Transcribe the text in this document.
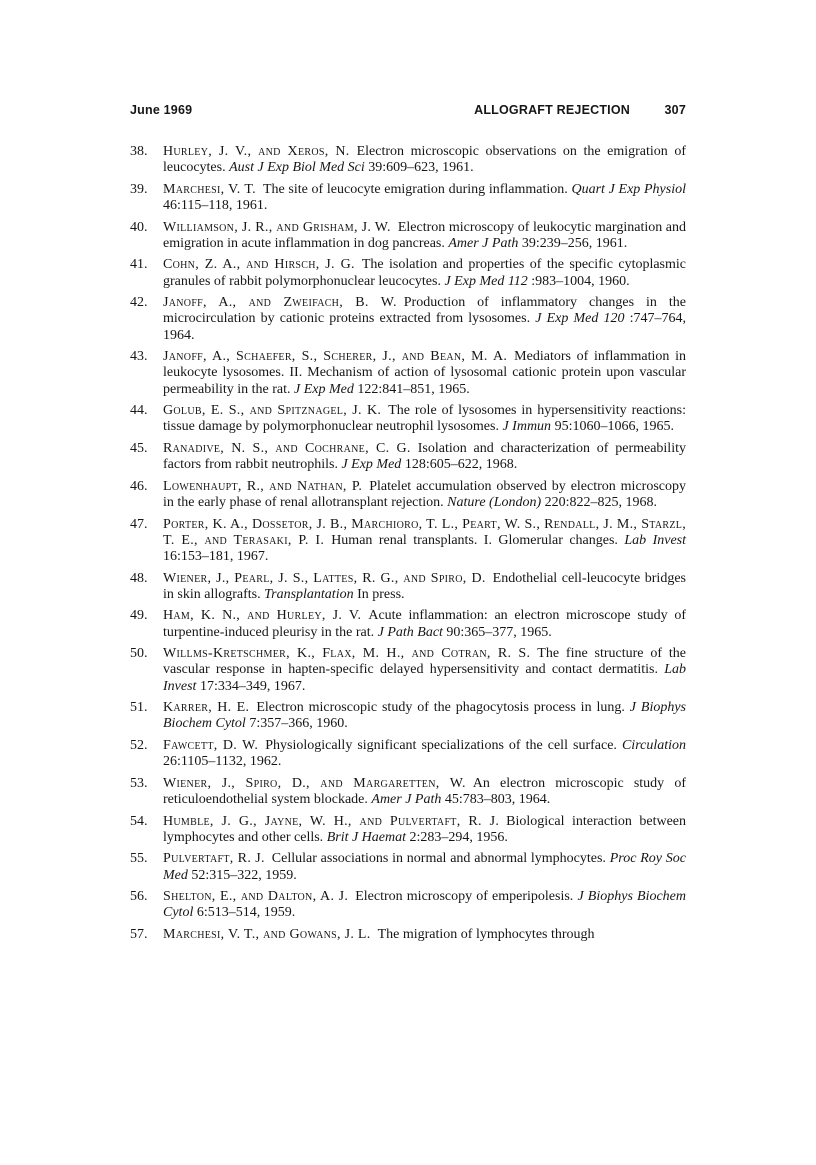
June 1969	ALLOGRAFT REJECTION	307
38.	Hurley, J. V., and Xeros, N.  Electron microscopic observations on the emigration of leucocytes. Aust J Exp Biol Med Sci 39:609–623, 1961.
39.	Marchesi, V. T.  The site of leucocyte emigration during inflammation. Quart J Exp Physiol 46:115–118, 1961.
40.	Williamson, J. R., and Grisham, J. W.  Electron microscopy of leukocytic margination and emigration in acute inflammation in dog pancreas. Amer J Path 39:239–256, 1961.
41.	Cohn, Z. A., and Hirsch, J. G.  The isolation and properties of the specific cytoplasmic granules of rabbit polymorphonuclear leucocytes. J Exp Med 112 :983–1004, 1960.
42.	Janoff, A., and Zweifach, B. W.  Production of inflammatory changes in the microcirculation by cationic proteins extracted from lysosomes. J Exp Med 120 :747–764, 1964.
43.	Janoff, A., Schaefer, S., Scherer, J., and Bean, M. A.  Mediators of inflammation in leukocyte lysosomes. II. Mechanism of action of lysosomal cationic protein upon vascular permeability in the rat. J Exp Med 122:841–851, 1965.
44.	Golub, E. S., and Spitznagel, J. K.  The role of lysosomes in hypersensitivity reactions: tissue damage by polymorphonuclear neutrophil lysosomes. J Immun 95:1060–1066, 1965.
45.	Ranadive, N. S., and Cochrane, C. G.  Isolation and characterization of permeability factors from rabbit neutrophils. J Exp Med 128:605–622, 1968.
46.	Lowenhaupt, R., and Nathan, P.  Platelet accumulation observed by electron microscopy in the early phase of renal allotransplant rejection. Nature (London) 220:822–825, 1968.
47.	Porter, K. A., Dossetor, J. B., Marchioro, T. L., Peart, W. S., Rendall, J. M., Starzl, T. E., and Terasaki, P. I.  Human renal transplants. I. Glomerular changes. Lab Invest 16:153–181, 1967.
48.	Wiener, J., Pearl, J. S., Lattes, R. G., and Spiro, D.  Endothelial cell-leucocyte bridges in skin allografts. Transplantation In press.
49.	Ham, K. N., and Hurley, J. V.  Acute inflammation: an electron microscope study of turpentine-induced pleurisy in the rat. J Path Bact 90:365–377, 1965.
50.	Willms-Kretschmer, K., Flax, M. H., and Cotran, R. S.  The fine structure of the vascular response in hapten-specific delayed hypersensitivity and contact dermatitis. Lab Invest 17:334–349, 1967.
51.	Karrer, H. E.  Electron microscopic study of the phagocytosis process in lung. J Biophys Biochem Cytol 7:357–366, 1960.
52.	Fawcett, D. W.  Physiologically significant specializations of the cell surface. Circulation 26:1105–1132, 1962.
53.	Wiener, J., Spiro, D., and Margaretten, W.  An electron microscopic study of reticuloendothelial system blockade. Amer J Path 45:783–803, 1964.
54.	Humble, J. G., Jayne, W. H., and Pulvertaft, R. J.  Biological interaction between lymphocytes and other cells. Brit J Haemat 2:283–294, 1956.
55.	Pulvertaft, R. J.  Cellular associations in normal and abnormal lymphocytes. Proc Roy Soc Med 52:315–322, 1959.
56.	Shelton, E., and Dalton, A. J.  Electron microscopy of emperipolesis. J Biophys Biochem Cytol 6:513–514, 1959.
57.	Marchesi, V. T., and Gowans, J. L.  The migration of lymphocytes through
